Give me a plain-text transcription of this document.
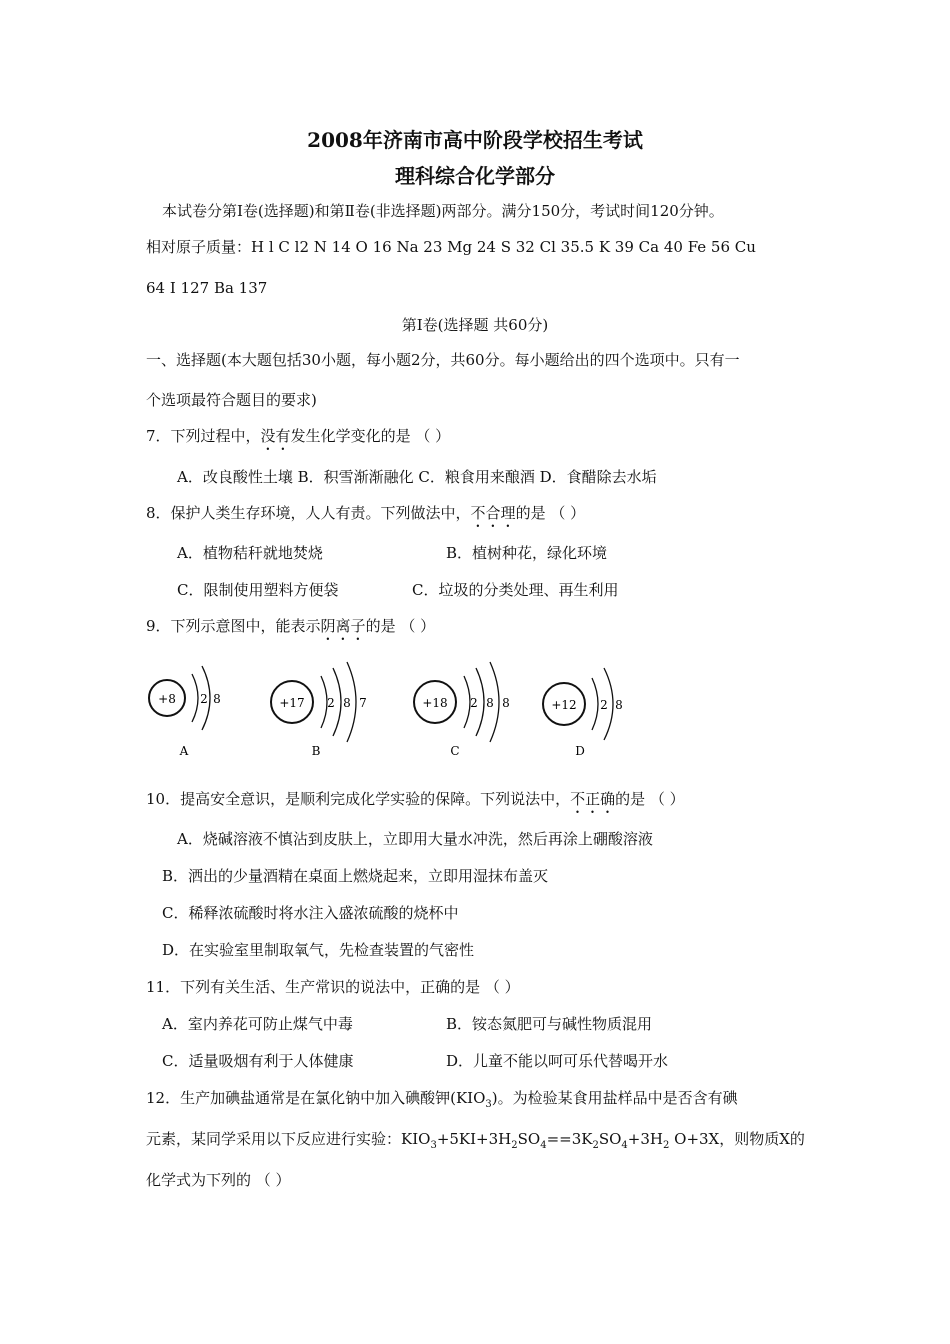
2008年济南市高中阶段学校招生考试
理科综合化学部分
本试卷分第Ⅰ卷(选择题)和第Ⅱ卷(非选择题)两部分。满分150分，考试时间120分钟。
相对原子质量：H l C l2 N 14 O 16 Na 23 Mg 24 S 32 Cl 35.5 K 39 Ca 40 Fe 56 Cu
64 I 127 Ba 137
第Ⅰ卷(选择题 共60分)
一、选择题(本大题包括30小题，每小题2分，共60分。每小题给出的四个选项中。只有一
个选项最符合题目的要求)
7．下列过程中，没有发生化学变化的是 （ ）
A．改良酸性土壤 B．积雪渐渐融化 C．粮食用来酿酒 D．食醋除去水垢
8．保护人类生存环境，人人有责。下列做法中，不合理的是 （ ）
A．植物秸秆就地焚烧	B．植树种花，绿化环境
C．限制使用塑料方便袋	C．垃圾的分类处理、再生利用
9．下列示意图中，能表示阴离子的是 （ ）
+8 2 8
A
+17 2 8 7
B
+18 2 8 8
C
+12 2 8
D
10．提高安全意识，是顺利完成化学实验的保障。下列说法中，不正确的是 （ ）
A．烧碱溶液不慎沾到皮肤上，立即用大量水冲洗，然后再涂上硼酸溶液
B．洒出的少量酒精在桌面上燃烧起来，立即用湿抹布盖灭
C．稀释浓硫酸时将水注入盛浓硫酸的烧杯中
D．在实验室里制取氧气，先检查装置的气密性
11．下列有关生活、生产常识的说法中，正确的是 （ ）
A．室内养花可防止煤气中毒	B．铵态氮肥可与碱性物质混用
C．适量吸烟有利于人体健康	D．儿童不能以呵可乐代替喝开水
12．生产加碘盐通常是在氯化钠中加入碘酸钾$(KIO_3)$。为检验某食用盐样品中是否含有碘
元素，某同学采用以下反应进行实验：$KIO_3+5KI+3H_2SO_4==3K_2SO_4+3H_2$ O+3X，则物质X的
化学式为下列的 （ ）
